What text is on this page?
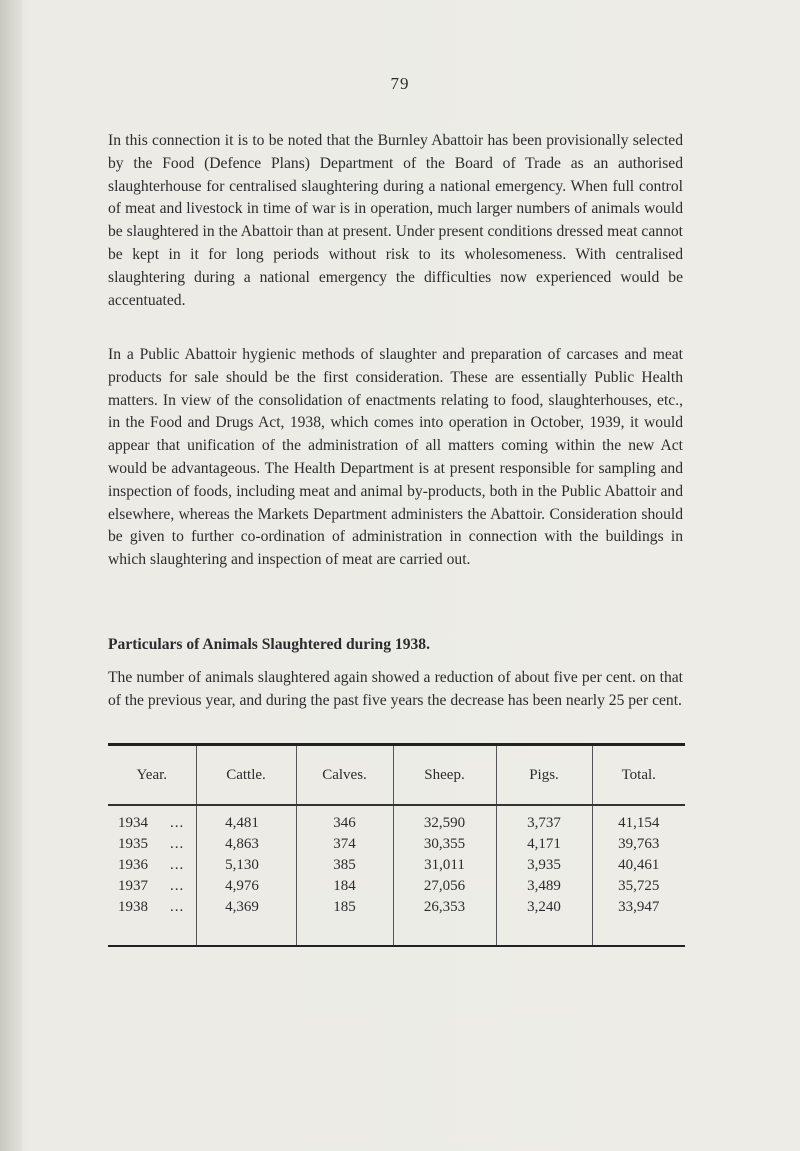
79

In this connection it is to be noted that the Burnley Abattoir has been provisionally selected by the Food (Defence Plans) Department of the Board of Trade as an authorised slaughterhouse for centralised slaughtering during a national emergency. When full control of meat and livestock in time of war is in operation, much larger numbers of animals would be slaughtered in the Abattoir than at present. Under present conditions dressed meat cannot be kept in it for long periods without risk to its wholesomeness. With centralised slaughtering during a national emergency the difficulties now experienced would be accentuated.

In a Public Abattoir hygienic methods of slaughter and preparation of carcases and meat products for sale should be the first consideration. These are essentially Public Health matters. In view of the consolidation of enactments relating to food, slaughterhouses, etc., in the Food and Drugs Act, 1938, which comes into operation in October, 1939, it would appear that unification of the administration of all matters coming within the new Act would be advantageous. The Health Department is at present responsible for sampling and inspection of foods, including meat and animal by-products, both in the Public Abattoir and elsewhere, whereas the Markets Department administers the Abattoir. Consideration should be given to further co-ordination of administration in connection with the buildings in which slaughtering and inspection of meat are carried out.

Particulars of Animals Slaughtered during 1938.

The number of animals slaughtered again showed a reduction of about five per cent. on that of the previous year, and during the past five years the decrease has been nearly 25 per cent.

Year.	Cattle.	Calves.	Sheep.	Pigs.	Total.

1934 ...	4,481	346	32,590	3,737	41,154
1935 ...	4,863	374	30,355	4,171	39,763
1936 ...	5,130	385	31,011	3,935	40,461
1937 ...	4,976	184	27,056	3,489	35,725
1938 ...	4,369	185	26,353	3,240	33,947
